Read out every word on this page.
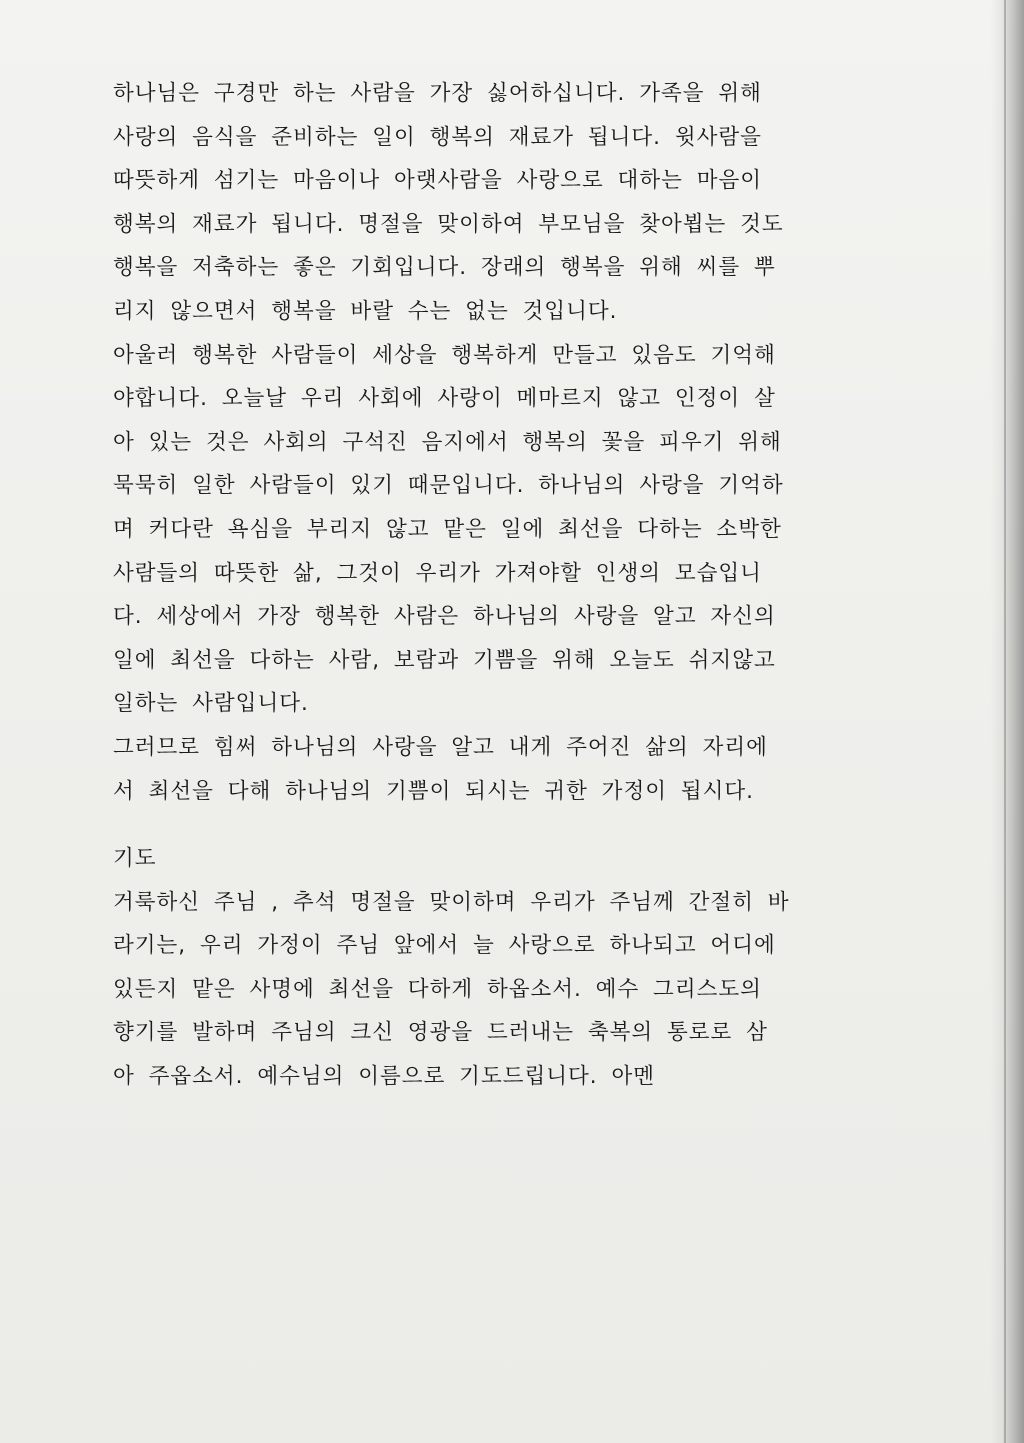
하나님은 구경만 하는 사람을 가장 싫어하십니다. 가족을 위해
사랑의 음식을 준비하는 일이 행복의 재료가 됩니다. 윗사람을
따뜻하게 섬기는 마음이나 아랫사람을 사랑으로 대하는 마음이
행복의 재료가 됩니다. 명절을 맞이하여 부모님을 찾아뵙는 것도
행복을 저축하는 좋은 기회입니다. 장래의 행복을 위해 씨를 뿌
리지 않으면서 행복을 바랄 수는 없는 것입니다.
아울러 행복한 사람들이 세상을 행복하게 만들고 있음도 기억해
야합니다. 오늘날 우리 사회에 사랑이 메마르지 않고 인정이 살
아 있는 것은 사회의 구석진 음지에서 행복의 꽃을 피우기 위해
묵묵히 일한 사람들이 있기 때문입니다. 하나님의 사랑을 기억하
며 커다란 욕심을 부리지 않고 맡은 일에 최선을 다하는 소박한
사람들의 따뜻한 삶, 그것이 우리가 가져야할 인생의 모습입니
다. 세상에서 가장 행복한 사람은 하나님의 사랑을 알고 자신의
일에 최선을 다하는 사람, 보람과 기쁨을 위해 오늘도 쉬지않고
일하는 사람입니다.
그러므로 힘써 하나님의 사랑을 알고 내게 주어진 삶의 자리에
서 최선을 다해 하나님의 기쁨이 되시는 귀한 가정이 됩시다.
기도
거룩하신 주님 , 추석 명절을 맞이하며 우리가 주님께 간절히 바
라기는, 우리 가정이 주님 앞에서 늘 사랑으로 하나되고 어디에
있든지 맡은 사명에 최선을 다하게 하옵소서. 예수 그리스도의
향기를 발하며 주님의 크신 영광을 드러내는 축복의 통로로 삼
아 주옵소서. 예수님의 이름으로 기도드립니다. 아멘
